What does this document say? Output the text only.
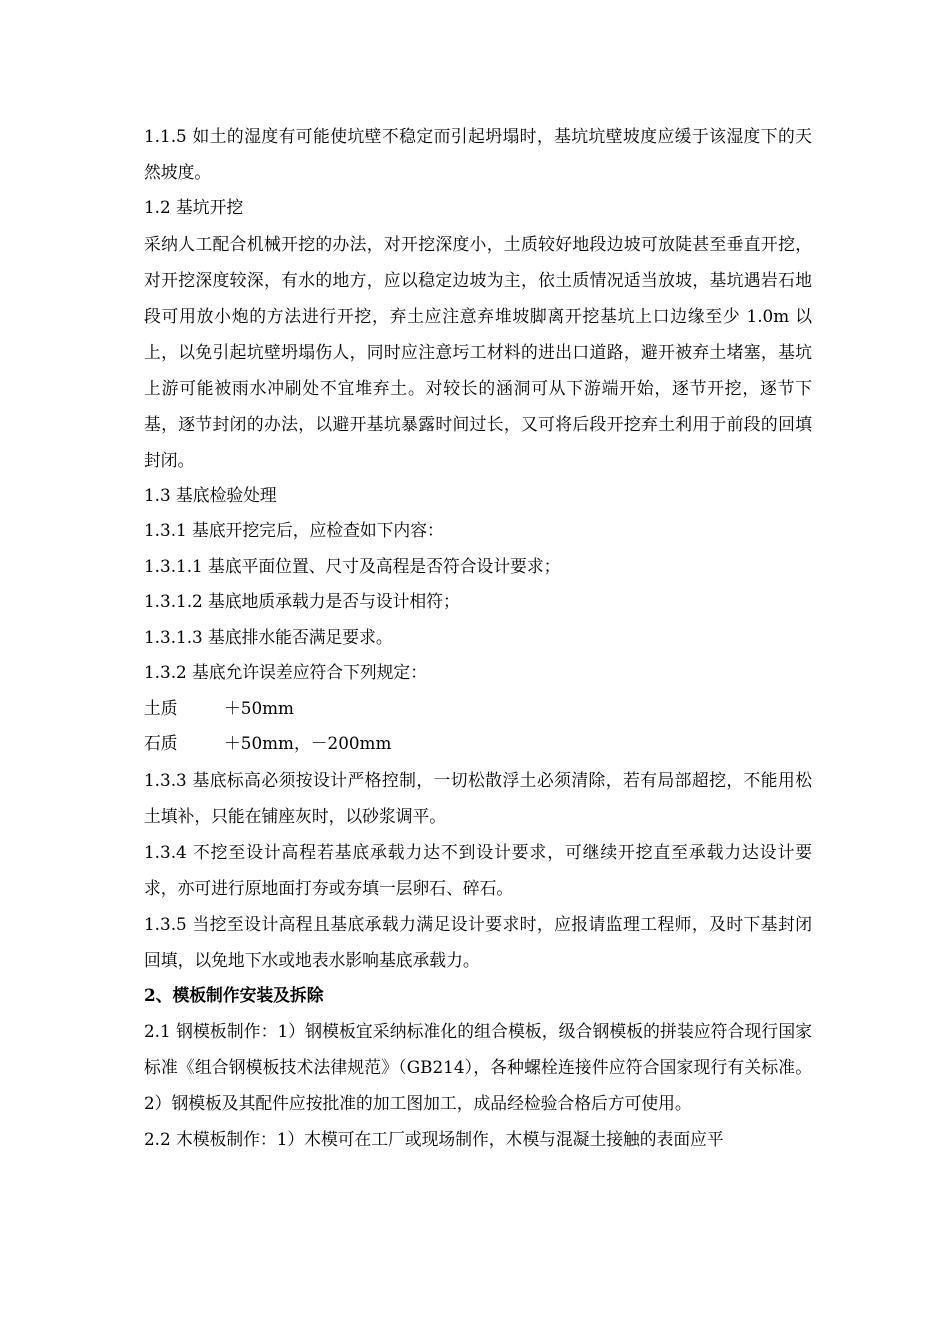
1.1.5 如土的湿度有可能使坑壁不稳定而引起坍塌时，基坑坑壁坡度应缓于该湿度下的天然坡度。

1.2 基坑开挖

采纳人工配合机械开挖的办法，对开挖深度小，土质较好地段边坡可放陡甚至垂直开挖，对开挖深度较深，有水的地方，应以稳定边坡为主，依土质情况适当放坡，基坑遇岩石地段可用放小炮的方法进行开挖，弃土应注意弃堆坡脚离开挖基坑上口边缘至少 1.0m 以上，以免引起坑壁坍塌伤人，同时应注意圬工材料的进出口道路，避开被弃土堵塞，基坑上游可能被雨水冲刷处不宜堆弃土。对较长的涵洞可从下游端开始，逐节开挖，逐节下基，逐节封闭的办法，以避开基坑暴露时间过长，又可将后段开挖弃土利用于前段的回填封闭。

1.3 基底检验处理

1.3.1 基底开挖完后，应检查如下内容：

1.3.1.1 基底平面位置、尺寸及高程是否符合设计要求；

1.3.1.2 基底地质承载力是否与设计相符；

1.3.1.3 基底排水能否满足要求。

1.3.2 基底允许误差应符合下列规定：

土质	＋50mm
石质	＋50mm，－200mm

1.3.3 基底标高必须按设计严格控制，一切松散浮土必须清除，若有局部超挖，不能用松土填补，只能在铺座灰时，以砂浆调平。

1.3.4 不挖至设计高程若基底承载力达不到设计要求，可继续开挖直至承载力达设计要求，亦可进行原地面打夯或夯填一层卵石、碎石。

1.3.5 当挖至设计高程且基底承载力满足设计要求时，应报请监理工程师，及时下基封闭回填，以免地下水或地表水影响基底承载力。

2、模板制作安装及拆除

2.1 钢模板制作：1）钢模板宜采纳标准化的组合模板，级合钢模板的拼装应符合现行国家标准《组合钢模板技术法律规范》（GB214），各种螺栓连接件应符合国家现行有关标准。2）钢模板及其配件应按批准的加工图加工，成品经检验合格后方可使用。

2.2 木模板制作：1）木模可在工厂或现场制作，木模与混凝土接触的表面应平
